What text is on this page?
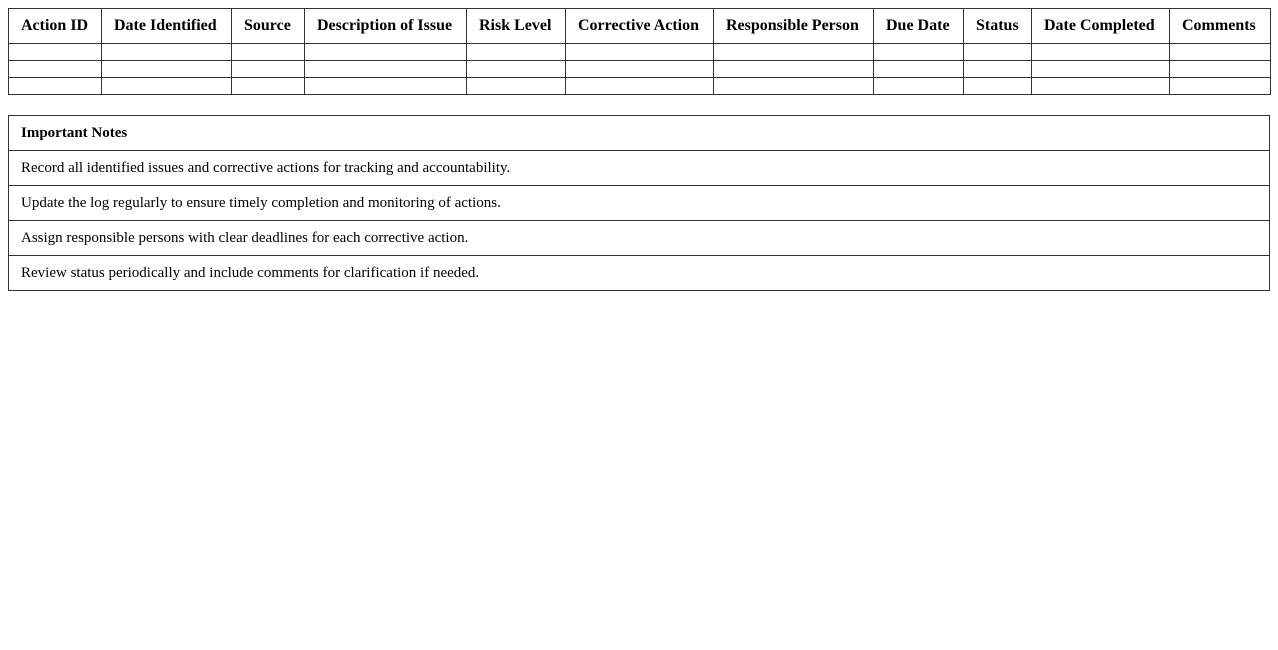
Action ID	Date Identified	Source	Description of Issue	Risk Level	Corrective Action	Responsible Person	Due Date	Status	Date Completed	Comments

Important Notes
Record all identified issues and corrective actions for tracking and accountability.
Update the log regularly to ensure timely completion and monitoring of actions.
Assign responsible persons with clear deadlines for each corrective action.
Review status periodically and include comments for clarification if needed.
